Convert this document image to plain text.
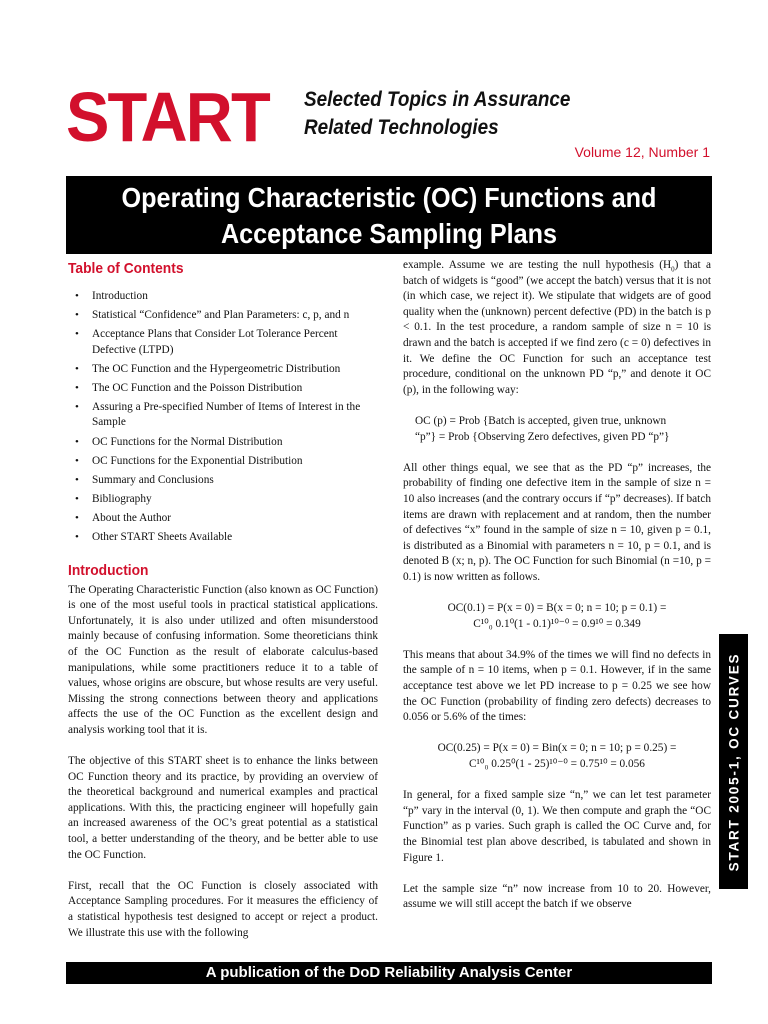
START Selected Topics in Assurance
Related Technologies
Volume 12, Number 1
Operating Characteristic (OC) Functions and
Acceptance Sampling Plans
Table of Contents
• Introduction
• Statistical “Confidence” and Plan Parameters: c, p, and n
• Acceptance Plans that Consider Lot Tolerance Percent Defective (LTPD)
• The OC Function and the Hypergeometric Distribution
• The OC Function and the Poisson Distribution
• Assuring a Pre-specified Number of Items of Interest in the Sample
• OC Functions for the Normal Distribution
• OC Functions for the Exponential Distribution
• Summary and Conclusions
• Bibliography
• About the Author
• Other START Sheets Available
Introduction

The Operating Characteristic Function (also known as OC Function) is one of the most useful tools in practical statistical applications. Unfortunately, it is also under utilized and often misunderstood mainly because of confusing information. Some theoreticians think of the OC Function as the result of elaborate calculus-based manipulations, while some practitioners reduce it to a table of values, whose origins are obscure, but whose results are very useful. Missing the strong connections between theory and applications affects the use of the OC Function as the excellent design and analysis working tool that it is.

The objective of this START sheet is to enhance the links between OC Function theory and its practice, by providing an overview of the theoretical background and numerical examples and practical applications. With this, the practicing engineer will hopefully gain an increased awareness of the OC’s great potential as a statistical tool, a better understanding of the theory, and be better able to use the OC Function.

First, recall that the OC Function is closely associated with Acceptance Sampling procedures. For it measures the efficiency of a statistical hypothesis test designed to accept or reject a product. We illustrate this use with the following

example. Assume we are testing the null hypothesis $(H_0)$ that a batch of widgets is “good” (we accept the batch) versus that it is not (in which case, we reject it). We stipulate that widgets are of good quality when the (unknown) percent defective (PD) in the batch is p < 0.1. In the test procedure, a random sample of size n = 10 is drawn and the batch is accepted if we find zero (c = 0) defectives in it. We define the OC Function for such an acceptance test procedure, conditional on the unknown PD “p,” and denote it OC (p), in the following way:

OC (p) = Prob {Batch is accepted, given true, unknown
“p”} = Prob {Observing Zero defectives, given PD “p”}

All other things equal, we see that as the PD “p” increases, the probability of finding one defective item in the sample of size n = 10 also increases (and the contrary occurs if “p” decreases). If batch items are drawn with replacement and at random, then the number of defectives “x” found in the sample of size n = 10, given p = 0.1, is distributed as a Binomial with parameters n = 10, p = 0.1, and is denoted B (x; n, p). The OC Function for such Binomial (n =10, p = 0.1) is now written as follows.

OC(0.1) = P(x = 0) = B(x = 0; n = 10; p = 0.1) =
C¹⁰₀ 0.1⁰(1 - 0.1)¹⁰⁻⁰ = 0.9¹⁰ = 0.349

This means that about 34.9% of the times we will find no defects in the sample of n = 10 items, when p = 0.1. However, if in the same acceptance test above we let PD increase to p = 0.25 we see how the OC Function (probability of finding zero defects) decreases to 0.056 or 5.6% of the times:

OC(0.25) = P(x = 0) = Bin(x = 0; n = 10; p = 0.25) =
C¹⁰₀ 0.25⁰(1 - 25)¹⁰⁻⁰ = 0.75¹⁰ = 0.056

In general, for a fixed sample size “n,” we can let test parameter “p” vary in the interval (0, 1). We then compute and graph the “OC Function” as p varies. Such graph is called the OC Curve and, for the Binomial test plan above described, is tabulated and shown in Figure 1.

Let the sample size “n” now increase from 10 to 20. However, assume we will still accept the batch if we observe

START 2005-1, OC CURVES
A publication of the DoD Reliability Analysis Center
